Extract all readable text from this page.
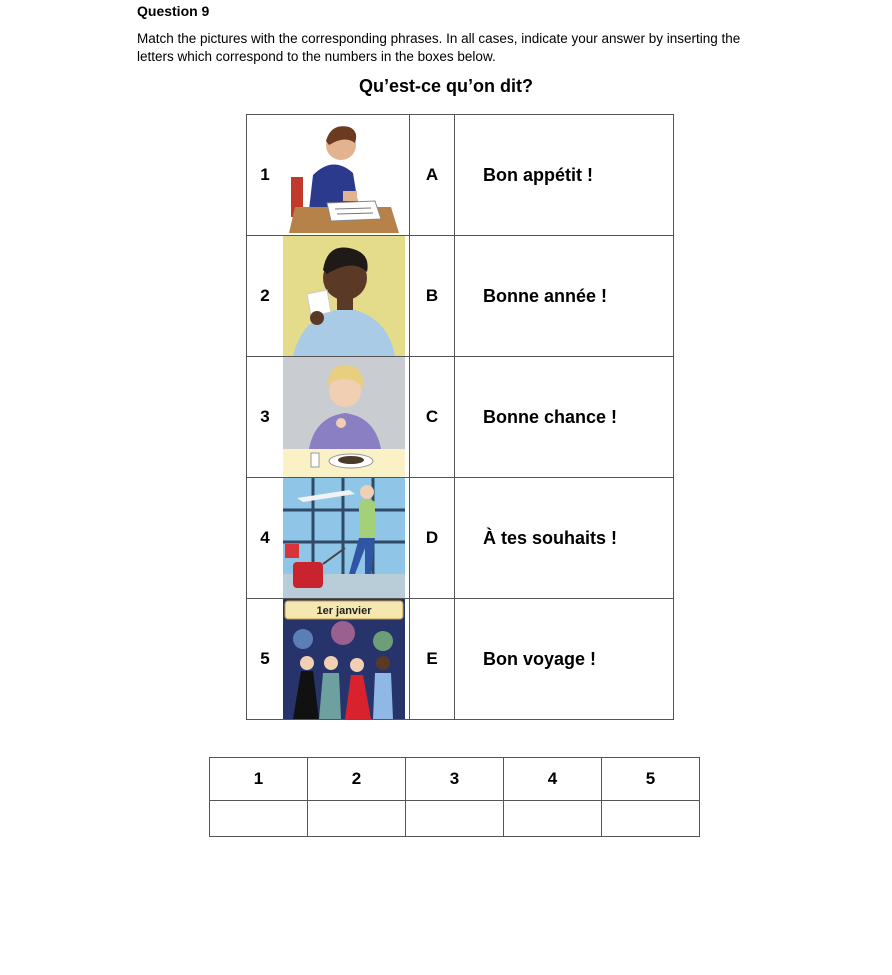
Question 9
Match the pictures with the corresponding phrases. In all cases, indicate your answer by inserting the letters which correspond to the numbers in the boxes below.
Qu’est-ce qu’on dit?
1		A	Bon appétit !
2		B	Bonne année !
3		C	Bonne chance !
4		D	À tes souhaits !
5	1er janvier	E	Bon voyage !
1	2	3	4	5
